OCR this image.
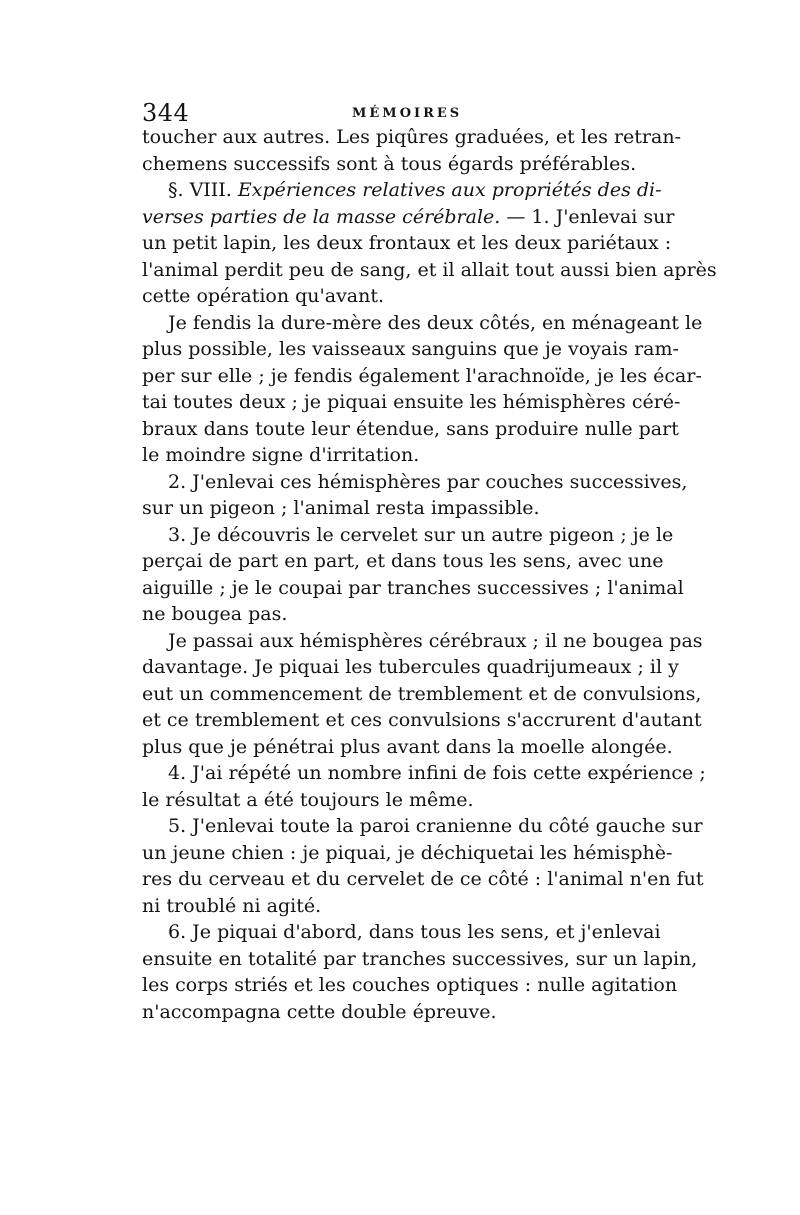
344	MÉMOIRES
toucher aux autres. Les piqûres graduées, et les retran-
chemens successifs sont à tous égards préférables.
§. VIII. Expériences relatives aux propriétés des di-
verses parties de la masse cérébrale. — 1. J'enlevai sur
un petit lapin, les deux frontaux et les deux pariétaux :
l'animal perdit peu de sang, et il allait tout aussi bien après
cette opération qu'avant.
Je fendis la dure-mère des deux côtés, en ménageant le
plus possible, les vaisseaux sanguins que je voyais ram-
per sur elle ; je fendis également l'arachnoïde, je les écar-
tai toutes deux ; je piquai ensuite les hémisphères céré-
braux dans toute leur étendue, sans produire nulle part
le moindre signe d'irritation.
2. J'enlevai ces hémisphères par couches successives,
sur un pigeon ; l'animal resta impassible.
3. Je découvris le cervelet sur un autre pigeon ; je le
perçai de part en part, et dans tous les sens, avec une
aiguille ; je le coupai par tranches successives ; l'animal
ne bougea pas.
Je passai aux hémisphères cérébraux ; il ne bougea pas
davantage. Je piquai les tubercules quadrijumeaux ; il y
eut un commencement de tremblement et de convulsions,
et ce tremblement et ces convulsions s'accrurent d'autant
plus que je pénétrai plus avant dans la moelle alongée.
4. J'ai répété un nombre infini de fois cette expérience ;
le résultat a été toujours le même.
5. J'enlevai toute la paroi cranienne du côté gauche sur
un jeune chien : je piquai, je déchiquetai les hémisphè-
res du cerveau et du cervelet de ce côté : l'animal n'en fut
ni troublé ni agité.
6. Je piquai d'abord, dans tous les sens, et j'enlevai
ensuite en totalité par tranches successives, sur un lapin,
les corps striés et les couches optiques : nulle agitation
n'accompagna cette double épreuve.
